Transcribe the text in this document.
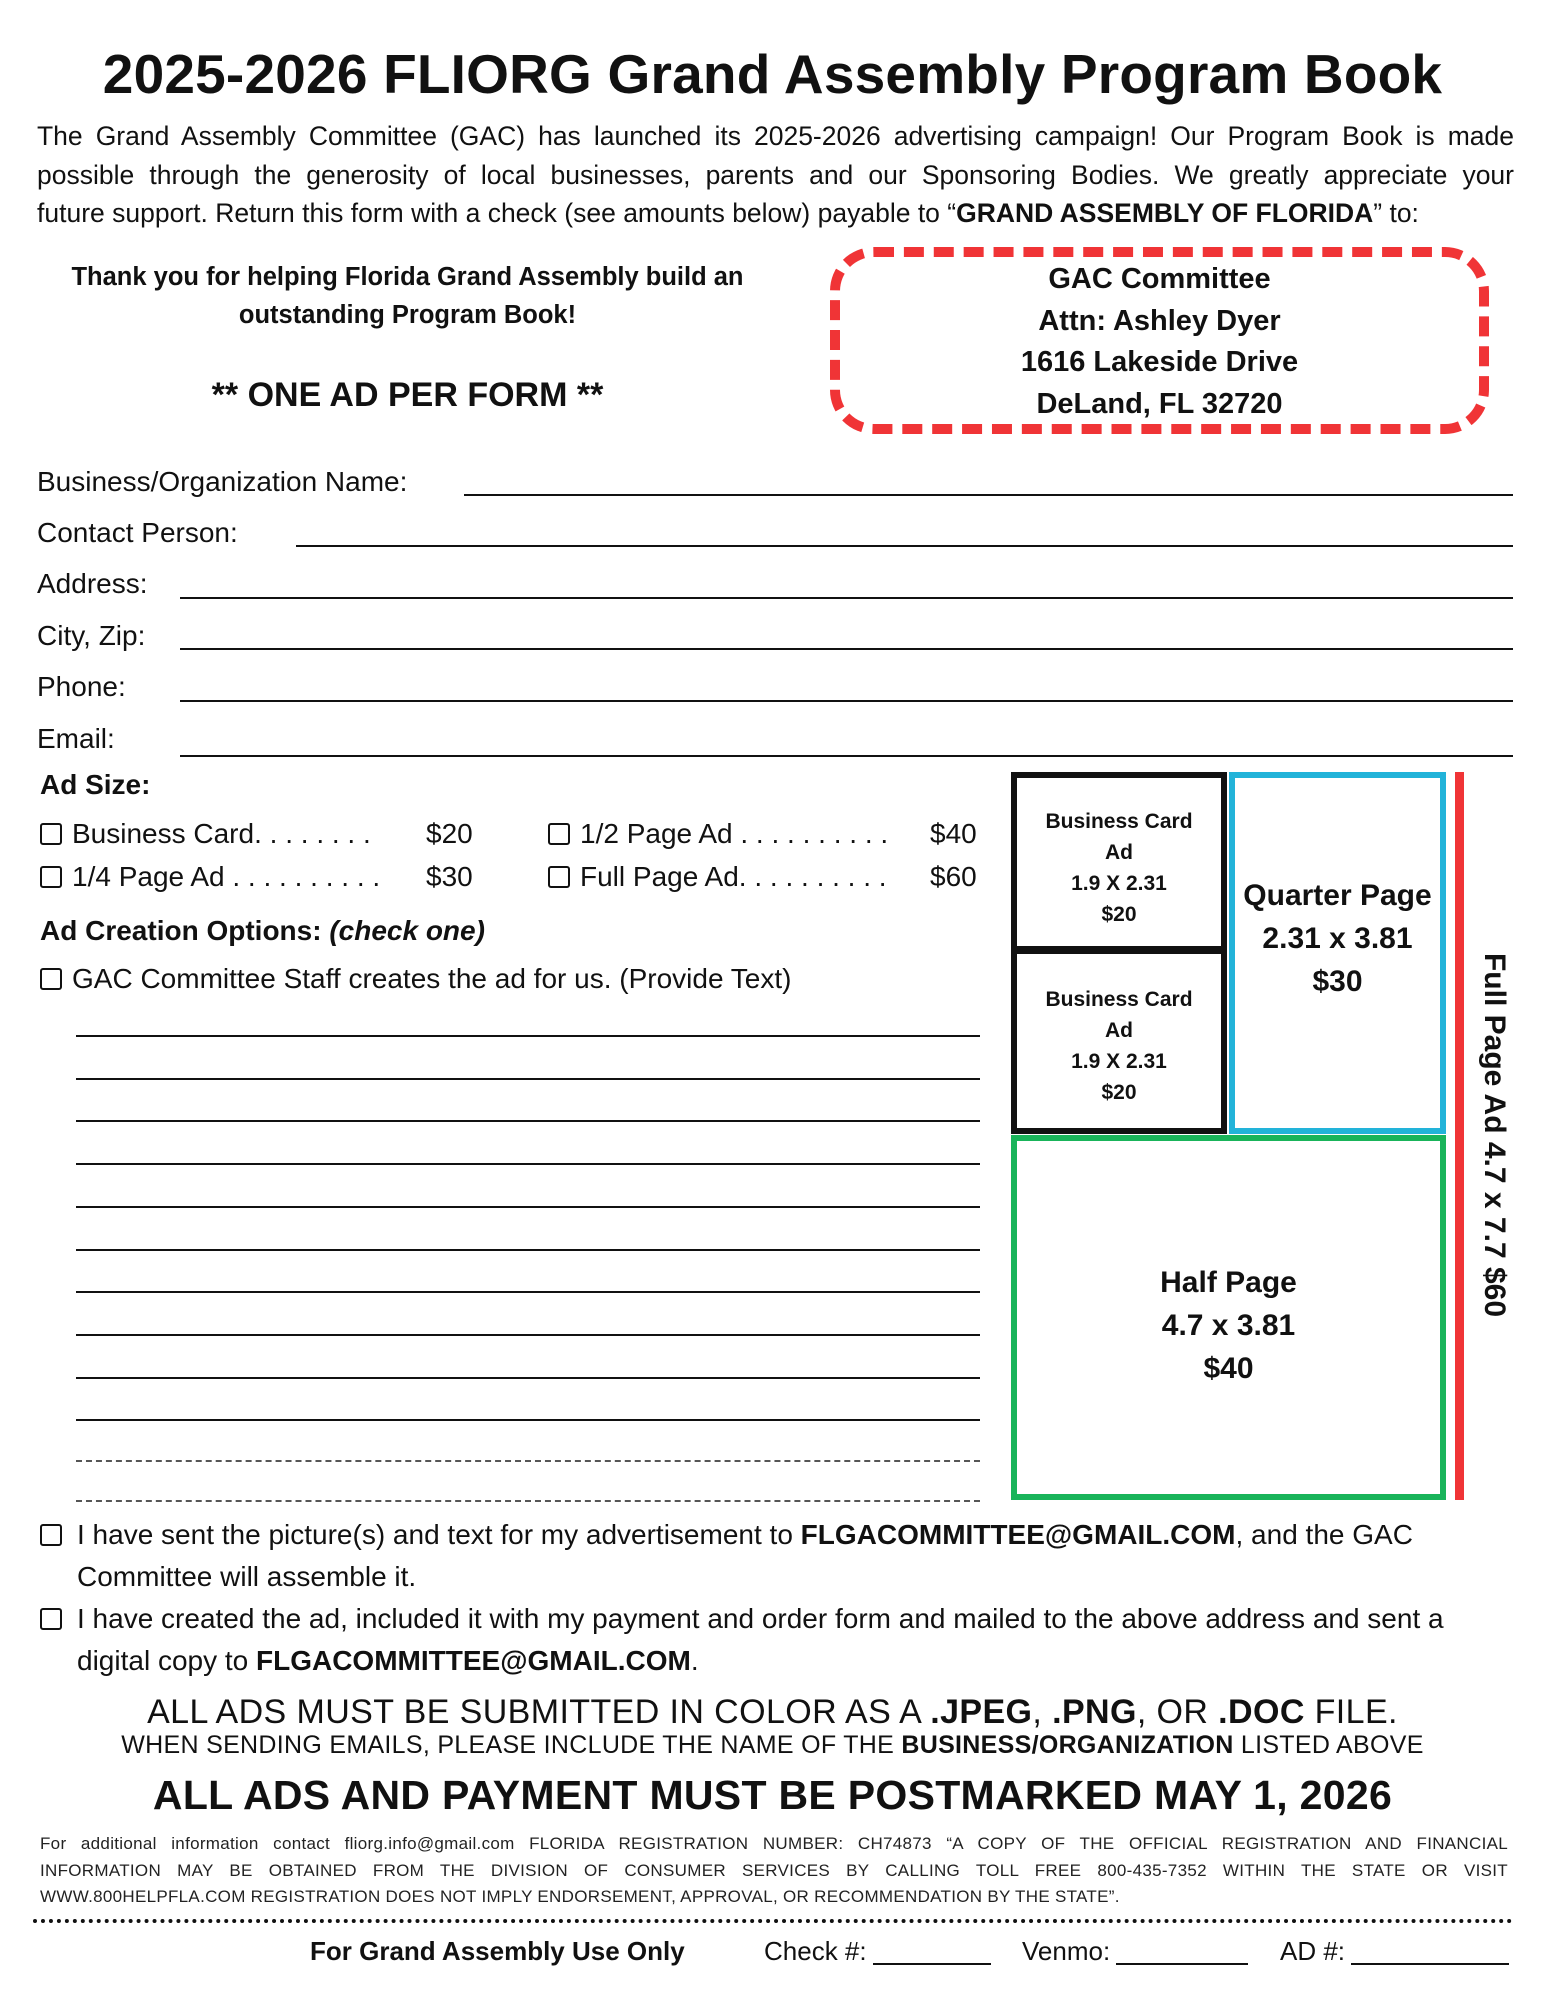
2025-2026 FLIORG Grand Assembly Program Book
The Grand Assembly Committee (GAC) has launched its 2025-2026 advertising campaign! Our Program Book is made
possible through the generosity of local businesses, parents and our Sponsoring Bodies. We greatly appreciate your
future support. Return this form with a check (see amounts below) payable to “GRAND ASSEMBLY OF FLORIDA” to:
Thank you for helping Florida Grand Assembly build an
outstanding Program Book!
** ONE AD PER FORM **
GAC Committee
Attn: Ashley Dyer
1616 Lakeside Drive
DeLand, FL 32720
Business/Organization Name:
Contact Person:
Address:
City, Zip:
Phone:
Email:
Ad Size:
Business Card. . . . . . . . $20	1/2 Page Ad . . . . . . . . . . $40
1/4 Page Ad . . . . . . . . . . $30	Full Page Ad. . . . . . . . . . $60
Ad Creation Options: (check one)
GAC Committee Staff creates the ad for us. (Provide Text)
Business Card
Ad
1.9 X 2.31
$20
Business Card
Ad
1.9 X 2.31
$20
Quarter Page
2.31 x 3.81
$30
Half Page
4.7 x 3.81
$40
Full Page Ad 4.7 x 7.7 $60
I have sent the picture(s) and text for my advertisement to FLGACOMMITTEE@GMAIL.COM, and the GAC
Committee will assemble it.
I have created the ad, included it with my payment and order form and mailed to the above address and sent a
digital copy to FLGACOMMITTEE@GMAIL.COM.
ALL ADS MUST BE SUBMITTED IN COLOR AS A .JPEG, .PNG, OR .DOC FILE.
WHEN SENDING EMAILS, PLEASE INCLUDE THE NAME OF THE BUSINESS/ORGANIZATION LISTED ABOVE
ALL ADS AND PAYMENT MUST BE POSTMARKED MAY 1, 2026
For additional information contact fliorg.info@gmail.com FLORIDA REGISTRATION NUMBER: CH74873 “A COPY OF THE OFFICIAL REGISTRATION AND FINANCIAL
INFORMATION MAY BE OBTAINED FROM THE DIVISION OF CONSUMER SERVICES BY CALLING TOLL FREE 800-435-7352 WITHIN THE STATE OR VISIT
WWW.800HELPFLA.COM REGISTRATION DOES NOT IMPLY ENDORSEMENT, APPROVAL, OR RECOMMENDATION BY THE STATE”.
For Grand Assembly Use Only	Check #:	Venmo:	AD #:
